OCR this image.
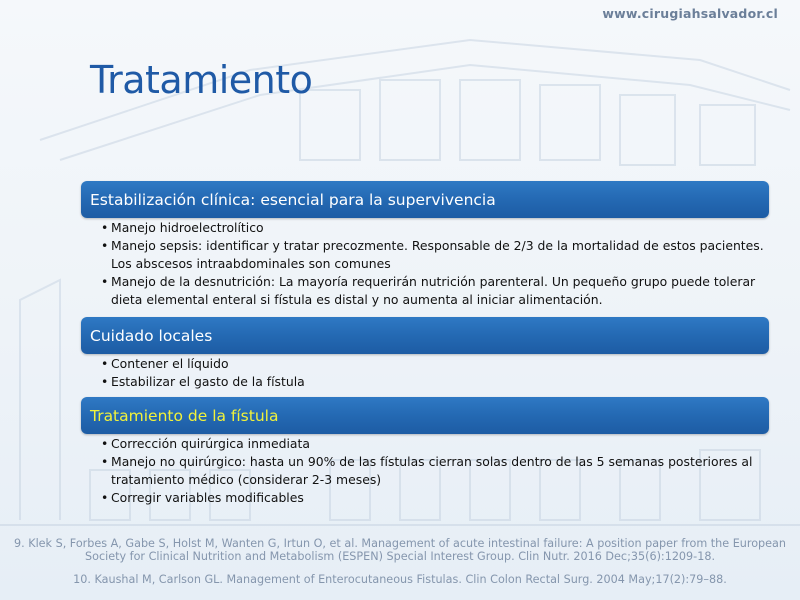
www.cirugiahsalvador.cl
Tratamiento
Estabilización clínica: esencial para la supervivencia
• Manejo hidroelectrolítico
• Manejo sepsis: identificar y tratar precozmente. Responsable de 2/3 de la mortalidad de estos pacientes. Los abscesos intraabdominales son comunes
• Manejo de la desnutrición: La mayoría requerirán nutrición parenteral. Un pequeño grupo puede tolerar dieta elemental enteral si fístula es distal y no aumenta al iniciar alimentación.
Cuidado locales
• Contener el líquido
• Estabilizar el gasto de la fístula
Tratamiento de la fístula
• Corrección quirúrgica inmediata
• Manejo no quirúrgico: hasta un 90% de las fístulas cierran solas dentro de las 5 semanas posteriores al tratamiento médico (considerar 2-3 meses)
• Corregir variables modificables

9. Klek S, Forbes A, Gabe S, Holst M, Wanten G, Irtun O, et al. Management of acute intestinal failure: A position paper from the European Society for Clinical Nutrition and Metabolism (ESPEN) Special Interest Group. Clin Nutr. 2016 Dec;35(6):1209-18.

10. Kaushal M, Carlson GL. Management of Enterocutaneous Fistulas. Clin Colon Rectal Surg. 2004 May;17(2):79–88.
